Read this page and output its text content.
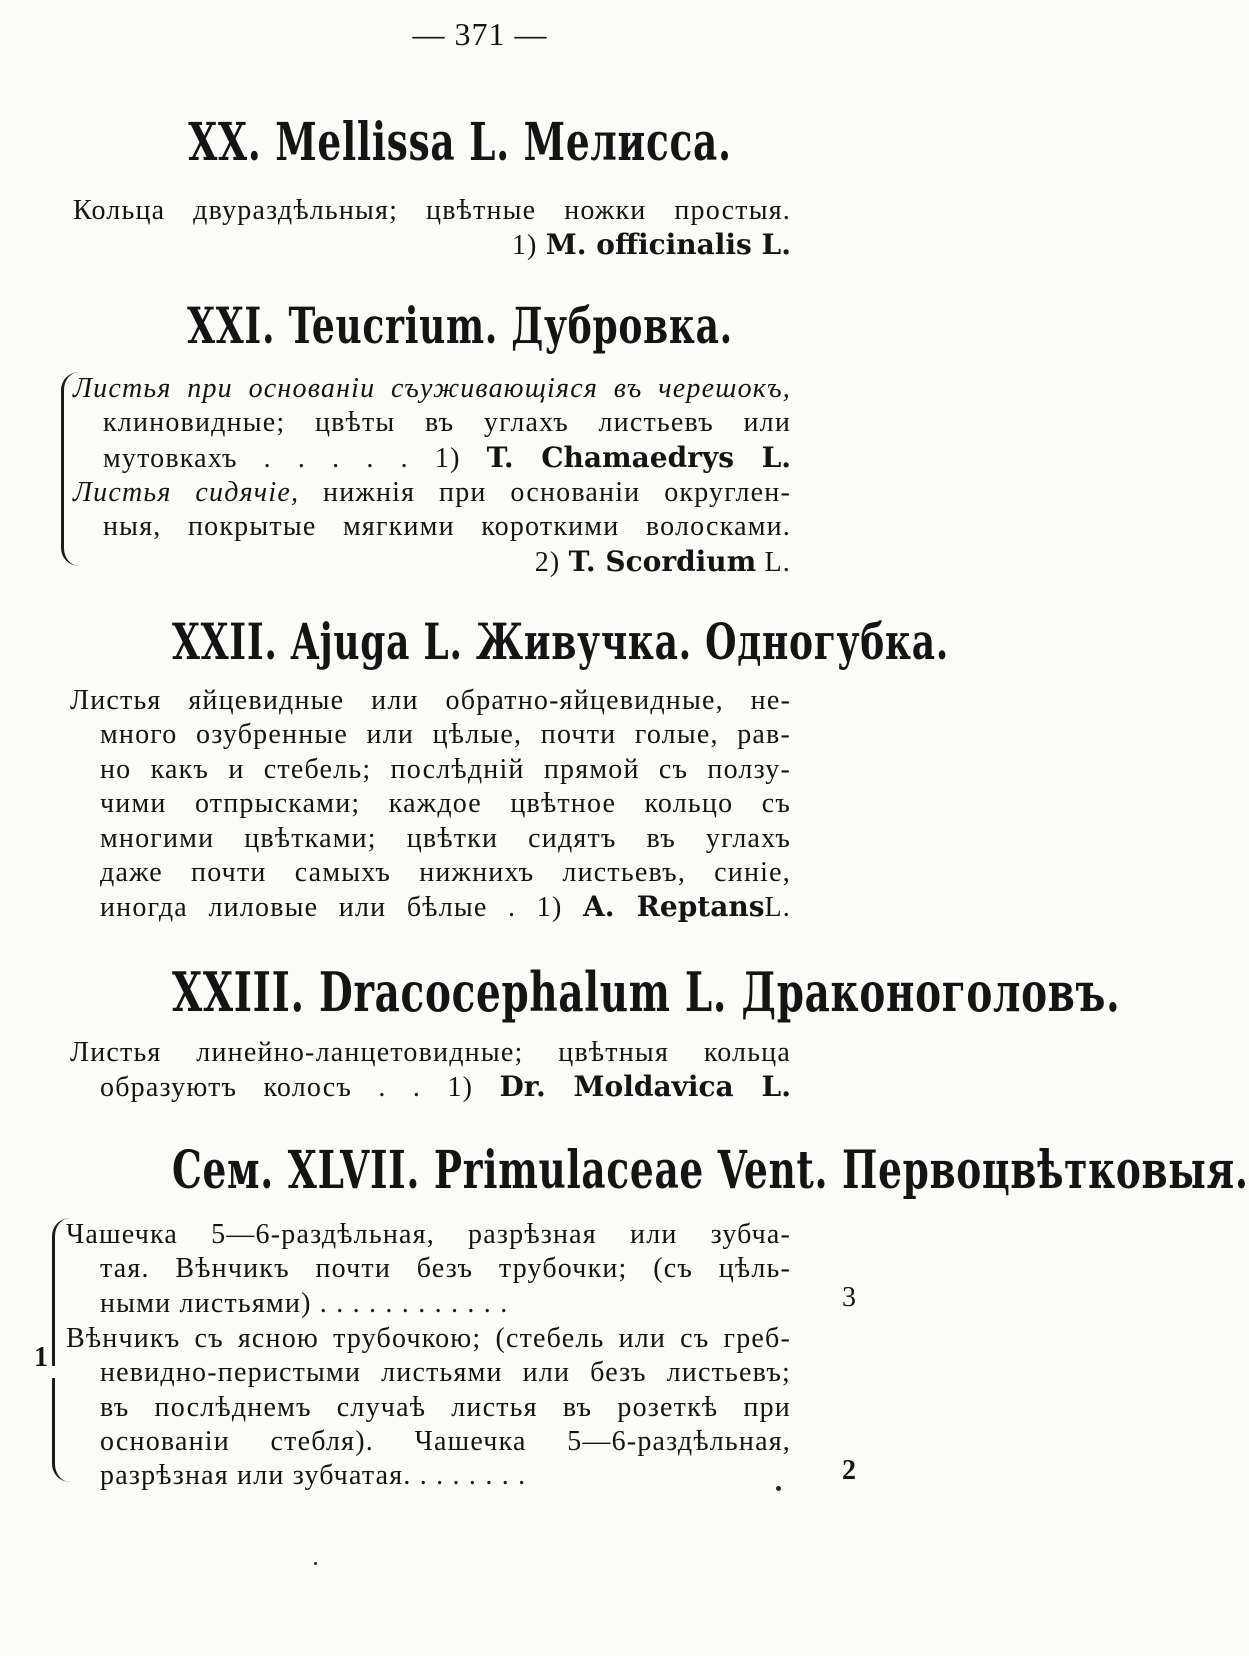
— 371 —
XX. Mellissa L. Мелисса.
Кольца двураздѣльныя; цвѣтные ножки простыя.
1) M. officinalis L.
XXI. Teucrium. Дубровка.
Листья при основанiи съуживающiяся въ черешокъ,
клиновидные; цвѣты въ углахъ листьевъ или
мутовкахъ . . . . . 1) T. Chamaedrys L.
Листья сидячiе, нижнiя при основанiи округлен-
ныя, покрытые мягкими короткими волосками.
2) T. Scordium L.
XXII. Ajuga L. Живучка. Одногубка.
Листья яйцевидные или обратно-яйцевидные, не-
много озубренные или цѣлые, почти голые, рав-
но какъ и стебель; послѣднiй прямой съ ползу-
чими отпрысками; каждое цвѣтное кольцо съ
многими цвѣтками; цвѣтки сидятъ въ углахъ
даже почти самыхъ нижнихъ листьевъ, синiе,
иногда лиловые или бѣлые . 1) A. ReptansL.
XXIII. Dracocephalum L. Драконоголовъ.
Листья линейно-ланцетовидные; цвѣтныя кольца
образуютъ колосъ . . 1) Dr. Moldavica L.
Сем. XLVII. Primulaceae Vent. Первоцвѣтковыя.
1
Чашечка 5—6-раздѣльная, разрѣзная или зубча-
тая. Вѣнчикъ почти безъ трубочки; (съ цѣль-
ными листьями) . . . . . . . . . . . .	3
Вѣнчикъ съ ясною трубочкою; (стебель или съ греб-
невидно-перистыми листьями или безъ листьевъ;
въ послѣднемъ случаѣ листья въ розеткѣ при
основанiи стебля). Чашечка 5—6-раздѣльная,
разрѣзная или зубчатая. . . . . . . .	2
